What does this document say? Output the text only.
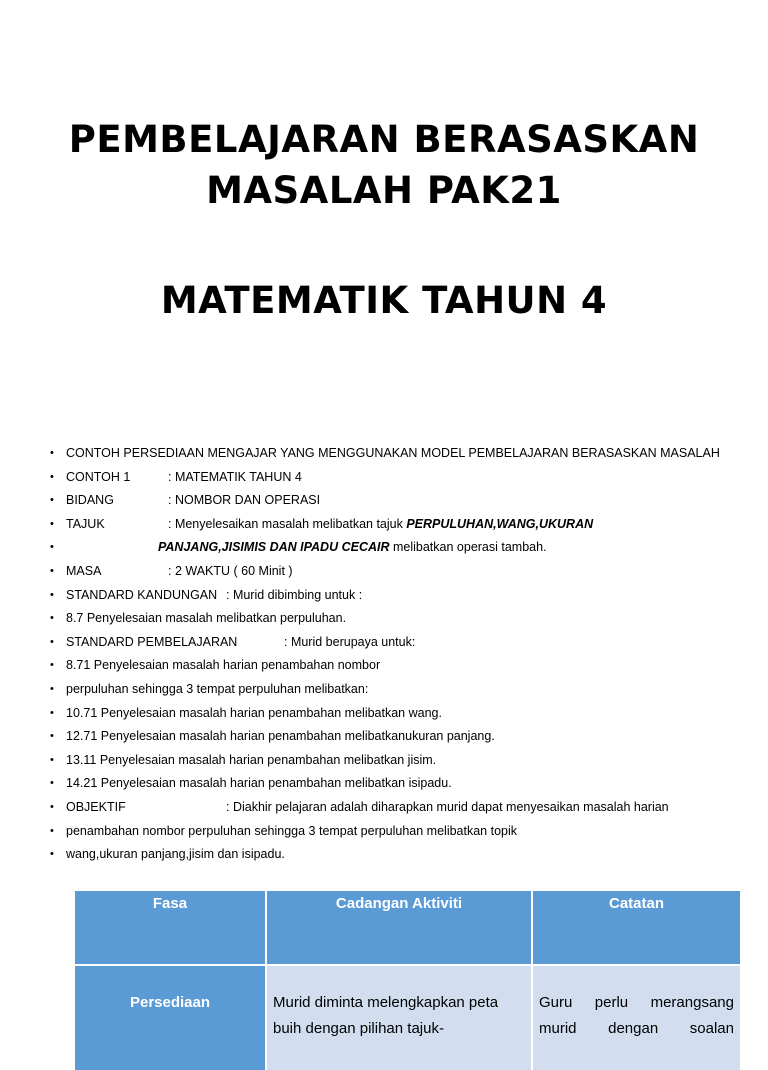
PEMBELAJARAN BERASASKAN
MASALAH PAK21
MATEMATIK TAHUN 4
• CONTOH PERSEDIAAN MENGAJAR YANG MENGGUNAKAN MODEL PEMBELAJARAN BERASASKAN MASALAH
• CONTOH 1	: MATEMATIK TAHUN 4
• BIDANG	: NOMBOR DAN OPERASI
• TAJUK	: Menyelesaikan masalah melibatkan tajuk PERPULUHAN,WANG,UKURAN
• PANJANG,JISIMIS DAN IPADU CECAIR melibatkan operasi tambah.
• MASA	: 2 WAKTU ( 60 Minit )
• STANDARD KANDUNGAN : Murid dibimbing untuk :
• 8.7 Penyelesaian masalah melibatkan perpuluhan.
• STANDARD PEMBELAJARAN	: Murid berupaya untuk:
• 8.71 Penyelesaian masalah harian penambahan nombor
• perpuluhan sehingga 3 tempat perpuluhan melibatkan:
• 10.71 Penyelesaian masalah harian penambahan melibatkan wang.
• 12.71 Penyelesaian masalah harian penambahan melibatkanukuran panjang.
• 13.11 Penyelesaian masalah harian penambahan melibatkan jisim.
• 14.21 Penyelesaian masalah harian penambahan melibatkan isipadu.
• OBJEKTIF	: Diakhir pelajaran adalah diharapkan murid dapat menyesaikan masalah harian
• penambahan nombor perpuluhan sehingga 3 tempat perpuluhan melibatkan topik
• wang,ukuran panjang,jisim dan isipadu.
Fasa	Cadangan Aktiviti	Catatan
Persediaan	Murid diminta melengkapkan peta buih dengan pilihan tajuk-	Guru perlu merangsang murid dengan soalan
